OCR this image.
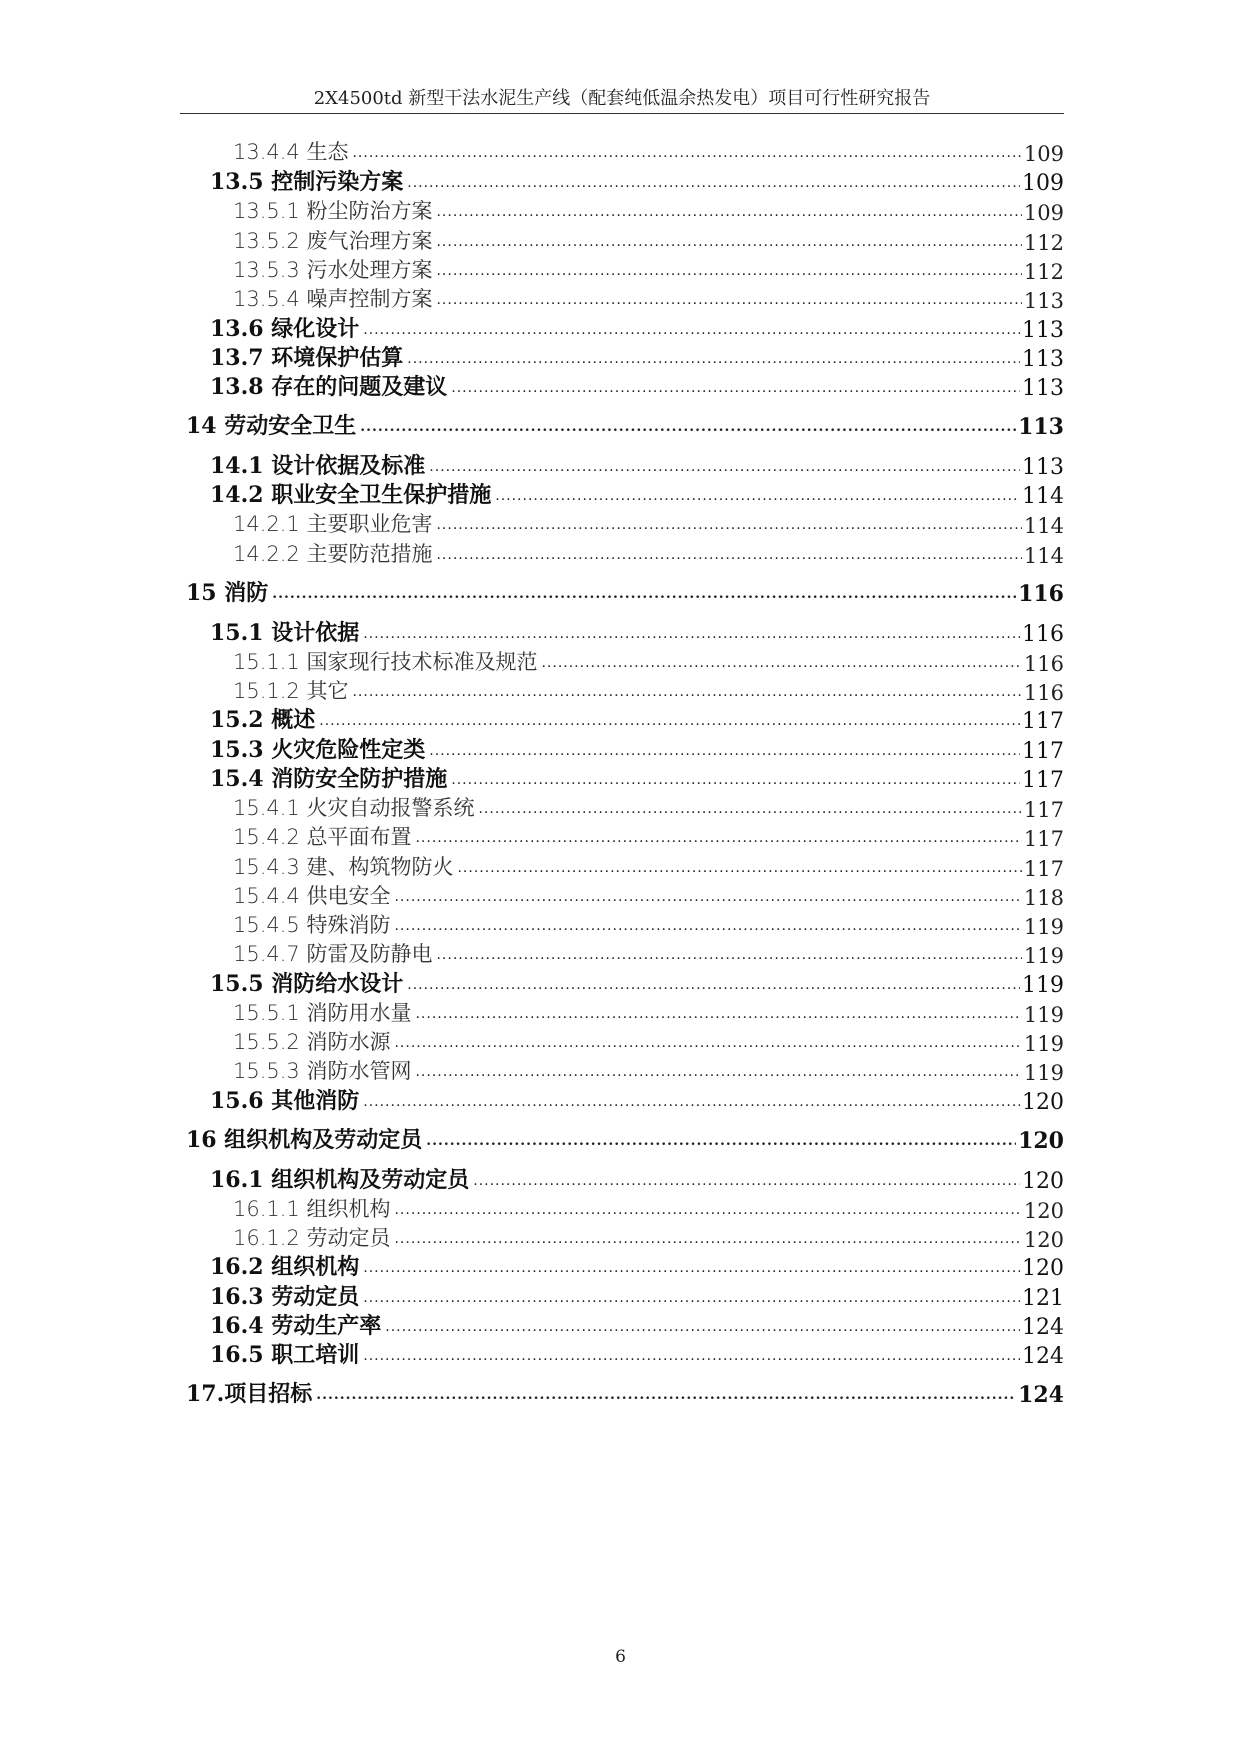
2X4500td 新型干法水泥生产线（配套纯低温余热发电）项目可行性研究报告
13.4.4 生态 .....	109
13.5 控制污染方案 .....	109
13.5.1 粉尘防治方案 .....	109
13.5.2 废气治理方案 .....	112
13.5.3 污水处理方案 .....	112
13.5.4 噪声控制方案 .....	113
13.6 绿化设计 .....	113
13.7 环境保护估算 .....	113
13.8 存在的问题及建议 .....	113
14 劳动安全卫生 .....	113
14.1 设计依据及标准 .....	113
14.2 职业安全卫生保护措施 .....	114
14.2.1 主要职业危害 .....	114
14.2.2 主要防范措施 .....	114
15 消防 .....	116
15.1 设计依据 .....	116
15.1.1 国家现行技术标准及规范 .....	116
15.1.2 其它 .....	116
15.2 概述 .....	117
15.3 火灾危险性定类 .....	117
15.4 消防安全防护措施 .....	117
15.4.1 火灾自动报警系统 .....	117
15.4.2 总平面布置 .....	117
15.4.3 建、构筑物防火 .....	117
15.4.4 供电安全 .....	118
15.4.5 特殊消防 .....	119
15.4.7 防雷及防静电 .....	119
15.5 消防给水设计 .....	119
15.5.1 消防用水量 .....	119
15.5.2 消防水源 .....	119
15.5.3 消防水管网 .....	119
15.6 其他消防 .....	120
16 组织机构及劳动定员 .....	120
16.1 组织机构及劳动定员 .....	120
16.1.1 组织机构 .....	120
16.1.2 劳动定员 .....	120
16.2 组织机构 .....	120
16.3 劳动定员 .....	121
16.4 劳动生产率 .....	124
16.5 职工培训 .....	124
17.项目招标 .....	124
6
